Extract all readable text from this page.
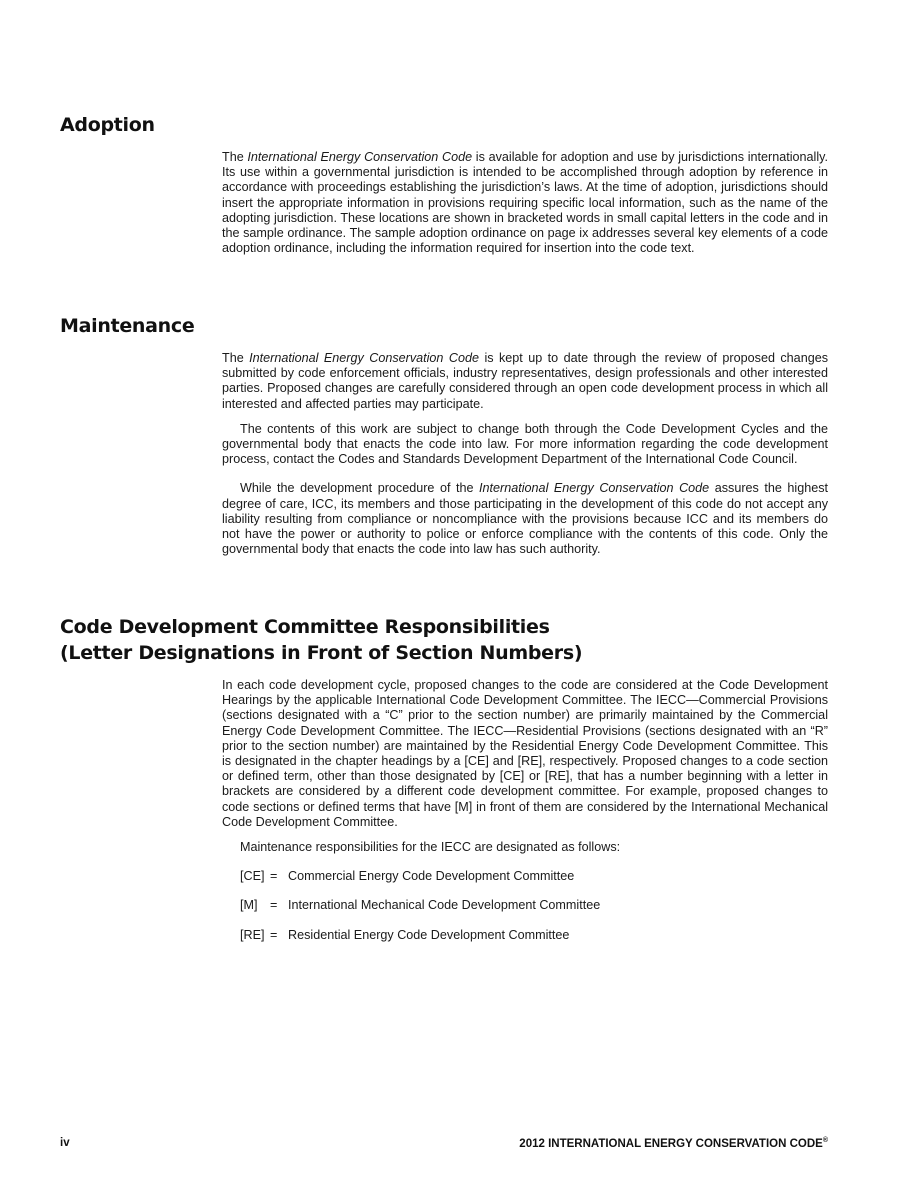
Adoption

The International Energy Conservation Code is available for adoption and use by jurisdictions internationally. Its use within a governmental jurisdiction is intended to be accomplished through adoption by reference in accordance with proceedings establishing the jurisdiction’s laws. At the time of adoption, jurisdictions should insert the appropriate information in provisions requiring specific local information, such as the name of the adopting jurisdiction. These locations are shown in bracketed words in small capital letters in the code and in the sample ordinance. The sample adoption ordinance on page ix addresses several key elements of a code adoption ordinance, including the information required for insertion into the code text.

Maintenance

The International Energy Conservation Code is kept up to date through the review of proposed changes submitted by code enforcement officials, industry representatives, design professionals and other interested parties. Proposed changes are carefully considered through an open code development process in which all interested and affected parties may participate.

The contents of this work are subject to change both through the Code Development Cycles and the governmental body that enacts the code into law. For more information regarding the code development process, contact the Codes and Standards Development Department of the International Code Council.

While the development procedure of the International Energy Conservation Code assures the highest degree of care, ICC, its members and those participating in the development of this code do not accept any liability resulting from compliance or noncompliance with the provisions because ICC and its members do not have the power or authority to police or enforce compliance with the contents of this code. Only the governmental body that enacts the code into law has such authority.

Code Development Committee Responsibilities
(Letter Designations in Front of Section Numbers)

In each code development cycle, proposed changes to the code are considered at the Code Development Hearings by the applicable International Code Development Committee. The IECC—Commercial Provisions (sections designated with a “C” prior to the section number) are primarily maintained by the Commercial Energy Code Development Committee. The IECC—Residential Provisions (sections designated with an “R” prior to the section number) are maintained by the Residential Energy Code Development Committee. This is designated in the chapter headings by a [CE] and [RE], respectively. Proposed changes to a code section or defined term, other than those designated by [CE] or [RE], that has a number beginning with a letter in brackets are considered by a different code development committee. For example, proposed changes to code sections or defined terms that have [M] in front of them are considered by the International Mechanical Code Development Committee.

Maintenance responsibilities for the IECC are designated as follows:

[CE] = Commercial Energy Code Development Committee
[M] = International Mechanical Code Development Committee
[RE] = Residential Energy Code Development Committee
iv	2012 INTERNATIONAL ENERGY CONSERVATION CODE®
